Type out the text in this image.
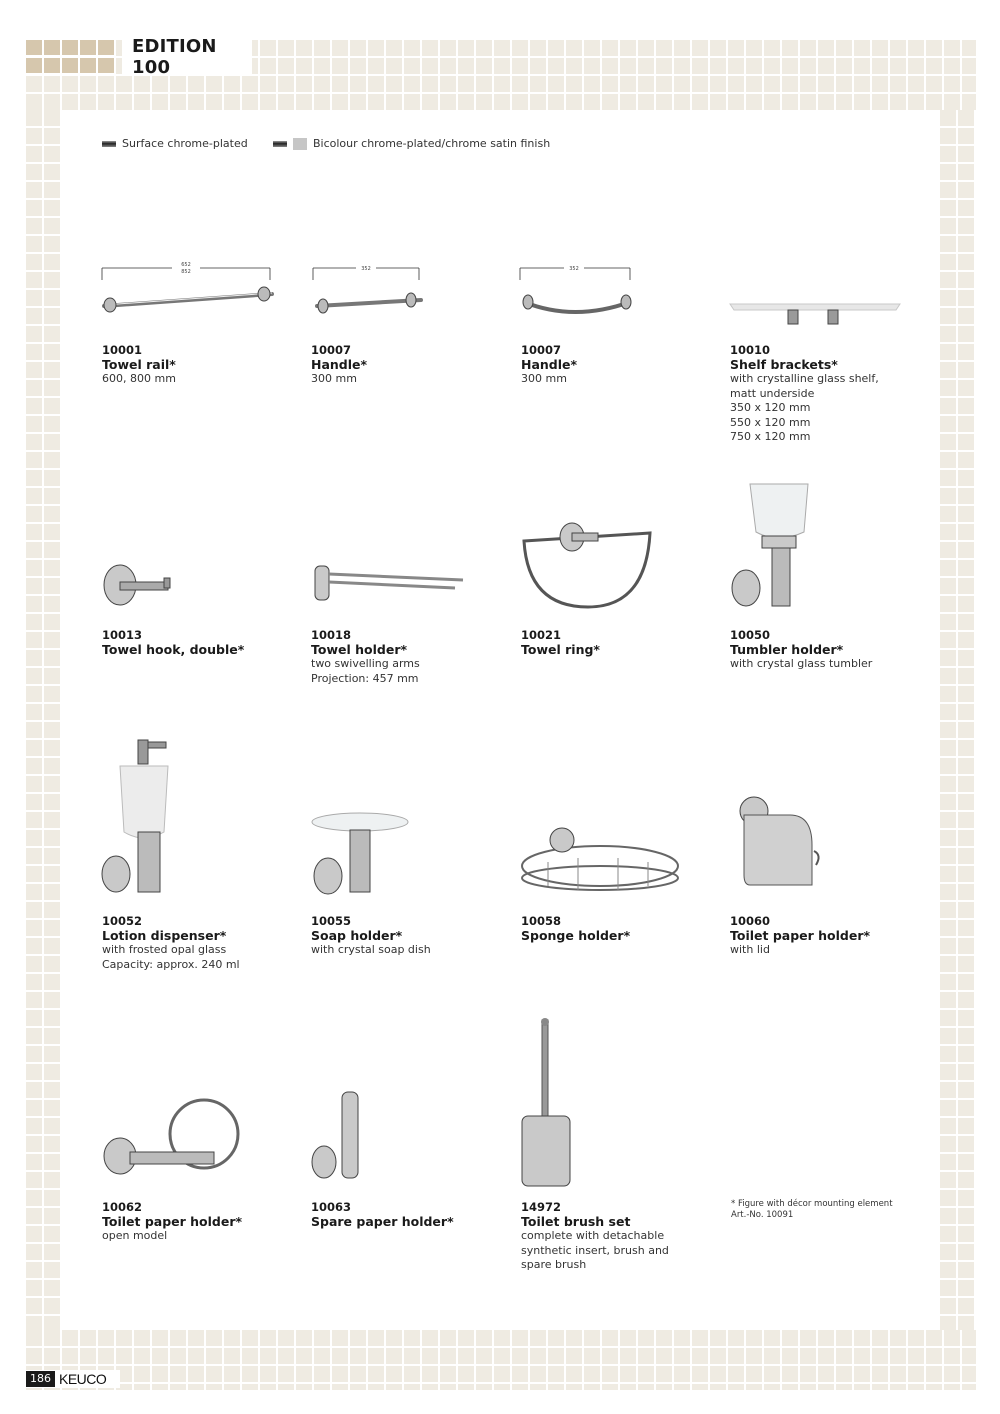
EDITION 100
Surface chrome-plated	Bicolour chrome-plated/chrome satin finish
652
852	352	352
10001
Towel rail*
600, 800 mm
10007
Handle*
300 mm
10007
Handle*
300 mm
10010
Shelf brackets*
with crystalline glass shelf,
matt underside
350 x 120 mm
550 x 120 mm
750 x 120 mm
10013
Towel hook, double*
10018
Towel holder*
two swivelling arms
Projection: 457 mm
10021
Towel ring*
10050
Tumbler holder*
with crystal glass tumbler
10052
Lotion dispenser*
with frosted opal glass
Capacity: approx. 240 ml
10055
Soap holder*
with crystal soap dish
10058
Sponge holder*
10060
Toilet paper holder*
with lid
10062
Toilet paper holder*
open model
10063
Spare paper holder*
14972
Toilet brush set
complete with detachable
synthetic insert, brush and
spare brush
* Figure with décor mounting element
Art.-No. 10091
186 KEUCO
